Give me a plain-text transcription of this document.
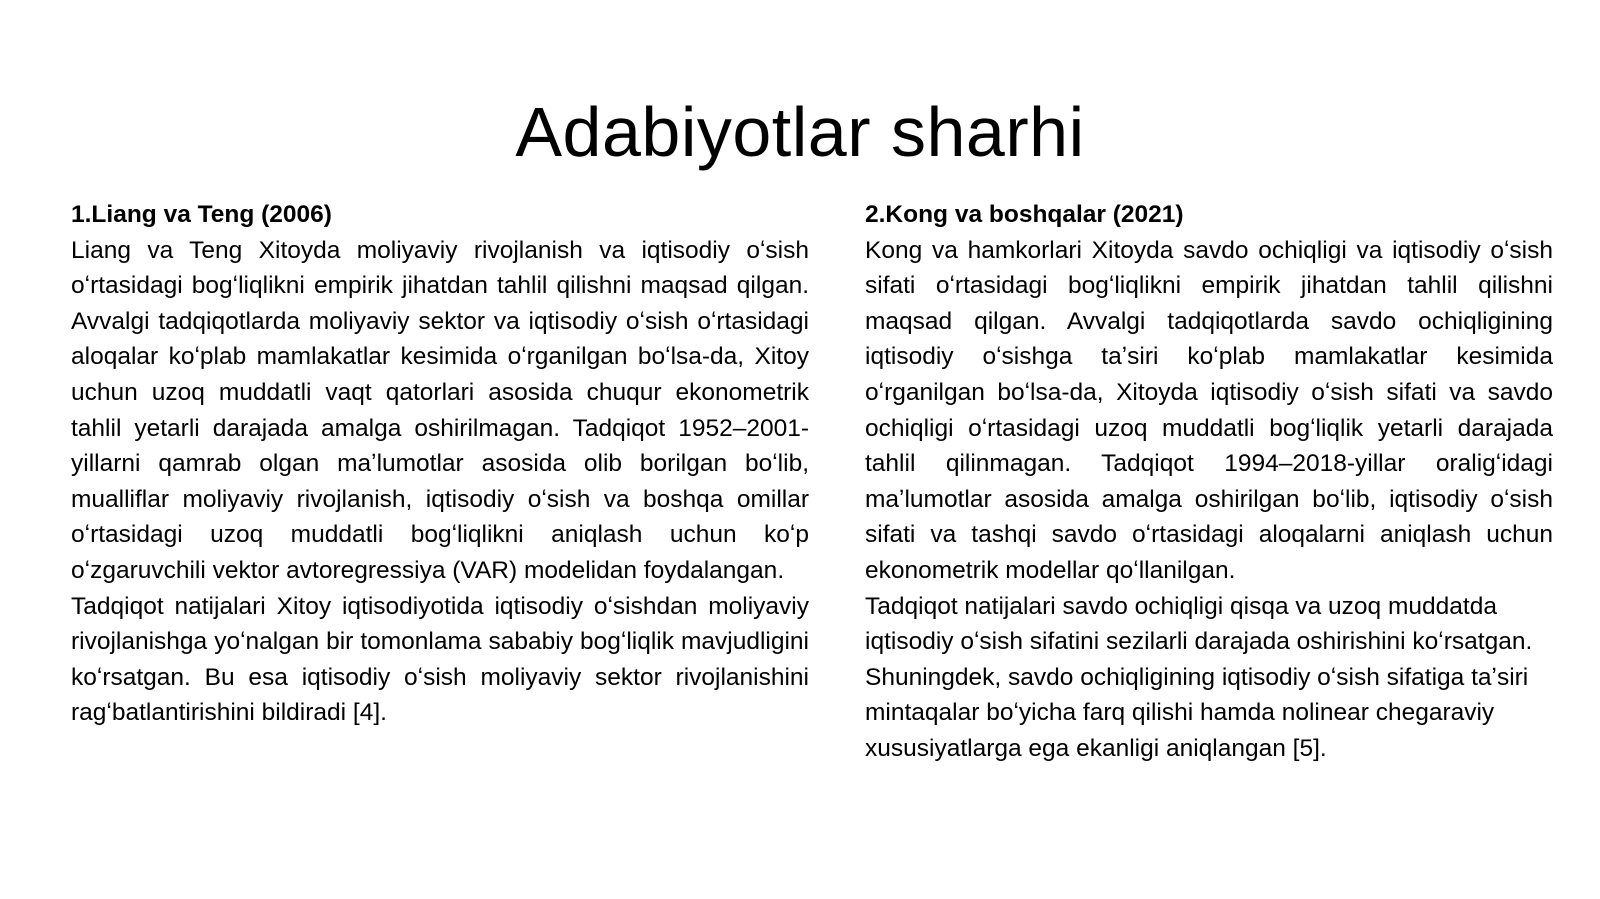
Adabiyotlar sharhi

1.Liang va Teng (2006)

Liang va Teng Xitoyda moliyaviy rivojlanish va iqtisodiy oʻsish oʻrtasidagi bogʻliqlikni empirik jihatdan tahlil qilishni maqsad qilgan. Avvalgi tadqiqotlarda moliyaviy sektor va iqtisodiy oʻsish oʻrtasidagi aloqalar koʻplab mamlakatlar kesimida oʻrganilgan boʻlsa-da, Xitoy uchun uzoq muddatli vaqt qatorlari asosida chuqur ekonometrik tahlil yetarli darajada amalga oshirilmagan. Tadqiqot 1952–2001-yillarni qamrab olgan maʼlumotlar asosida olib borilgan boʻlib, mualliflar moliyaviy rivojlanish, iqtisodiy oʻsish va boshqa omillar oʻrtasidagi uzoq muddatli bogʻliqlikni aniqlash uchun koʻp oʻzgaruvchili vektor avtoregressiya (VAR) modelidan foydalangan.

Tadqiqot natijalari Xitoy iqtisodiyotida iqtisodiy oʻsishdan moliyaviy rivojlanishga yoʻnalgan bir tomonlama sababiy bogʻliqlik mavjudligini koʻrsatgan. Bu esa iqtisodiy oʻsish moliyaviy sektor rivojlanishini ragʻbatlantirishini bildiradi [4].

2.Kong va boshqalar (2021)

Kong va hamkorlari Xitoyda savdo ochiqligi va iqtisodiy oʻsish sifati oʻrtasidagi bogʻliqlikni empirik jihatdan tahlil qilishni maqsad qilgan. Avvalgi tadqiqotlarda savdo ochiqligining iqtisodiy oʻsishga taʼsiri koʻplab mamlakatlar kesimida oʻrganilgan boʻlsa-da, Xitoyda iqtisodiy oʻsish sifati va savdo ochiqligi oʻrtasidagi uzoq muddatli bogʻliqlik yetarli darajada tahlil qilinmagan. Tadqiqot 1994–2018-yillar oraligʻidagi maʼlumotlar asosida amalga oshirilgan boʻlib, iqtisodiy oʻsish sifati va tashqi savdo oʻrtasidagi aloqalarni aniqlash uchun ekonometrik modellar qoʻllanilgan.

Tadqiqot natijalari savdo ochiqligi qisqa va uzoq muddatda iqtisodiy oʻsish sifatini sezilarli darajada oshirishini koʻrsatgan. Shuningdek, savdo ochiqligining iqtisodiy oʻsish sifatiga taʼsiri mintaqalar boʻyicha farq qilishi hamda nolinear chegaraviy xususiyatlarga ega ekanligi aniqlangan [5].
